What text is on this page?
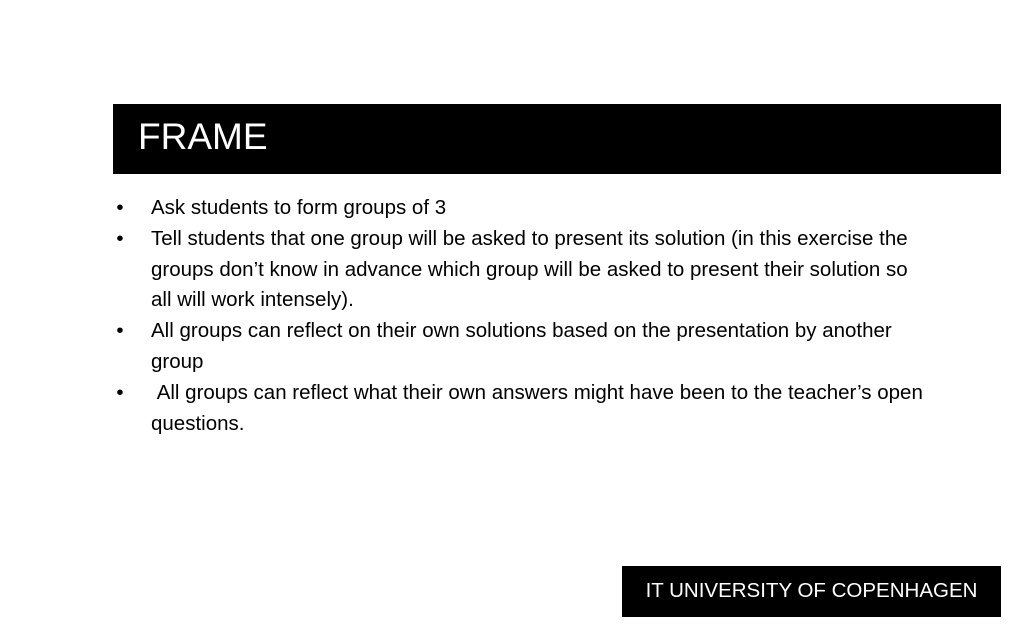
FRAME
• Ask students to form groups of 3
• Tell students that one group will be asked to present its solution (in this exercise the groups don’t know in advance which group will be asked to present their solution so all will work intensely).
• All groups can reflect on their own solutions based on the presentation by another group
• All groups can reflect what their own answers might have been to the teacher’s open questions.
IT UNIVERSITY OF COPENHAGEN
